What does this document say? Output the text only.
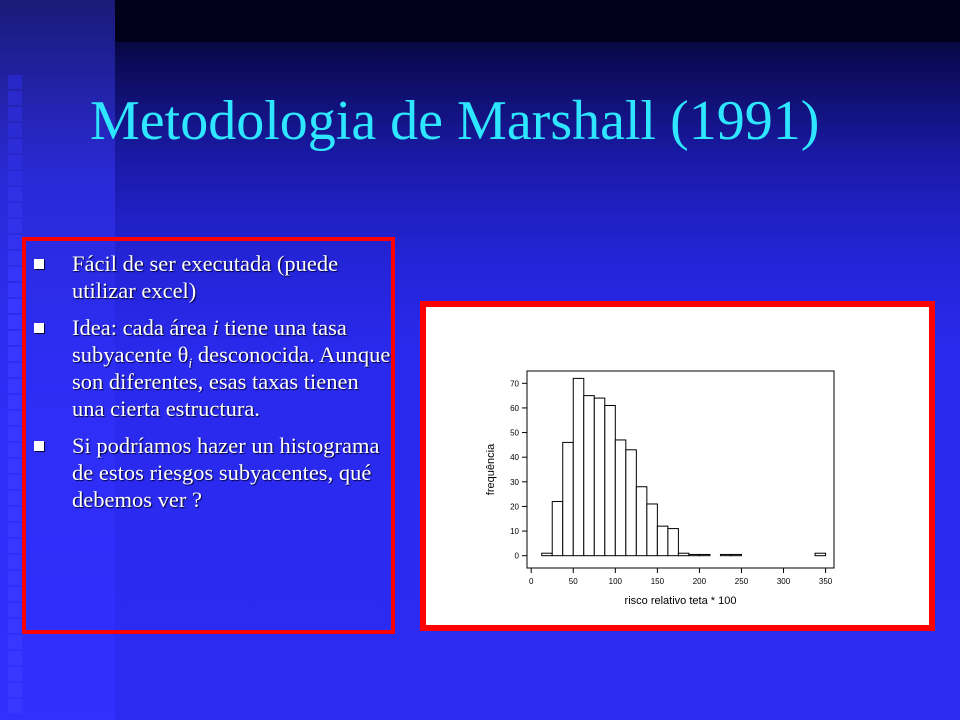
Metodologia de Marshall (1991)
Fácil de ser executada (puede utilizar excel)
Idea: cada área i tiene una tasa subyacente $\theta_i$ desconocida. Aunque son diferentes, esas taxas tienen una cierta estructura.
Si podríamos hazer un histograma de estos riesgos subyacentes, qué debemos ver ?
0
10
20
30
40
50
60
70
0	50	100	150	200	250	300	350
risco relativo teta * 100
frequência
